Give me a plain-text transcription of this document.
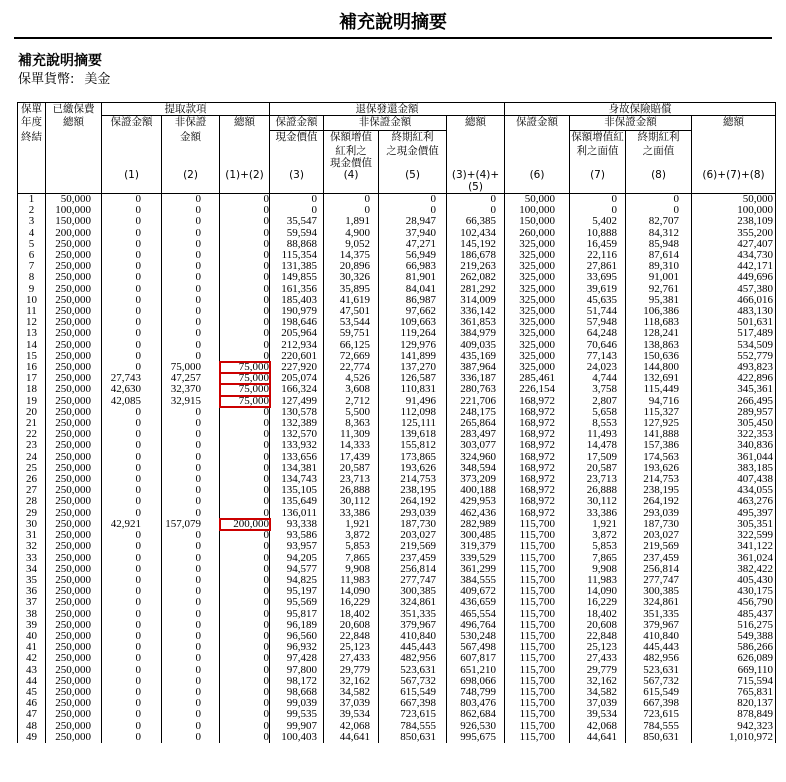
補充說明摘要
補充說明摘要
保單貨幣: 美金
保單	已繳保費	提取款項			退保發還金額				身故保險賠償			
年度	總額	保證金額	非保證	總額	保證金額	非保證金額		總額	保證金額	非保證金額		總額
終結			金額		現金價值	保額增值	終期紅利			保額增值紅	終期紅利	
						紅利之	之現金價值			利之面值	之面值	
						現金價值						
		(1)	(2)	(1)+(2)	(3)	(4)	(5)	(3)+(4)+(5)	(6)	(7)	(8)	(6)+(7)+(8)
1	50,000	0	0	0	0	0	0	0	50,000	0	0	50,000
2	100,000	0	0	0	0	0	0	0	100,000	0	0	100,000
3	150,000	0	0	0	35,547	1,891	28,947	66,385	150,000	5,402	82,707	238,109
4	200,000	0	0	0	59,594	4,900	37,940	102,434	260,000	10,888	84,312	355,200
5	250,000	0	0	0	88,868	9,052	47,271	145,192	325,000	16,459	85,948	427,407
6	250,000	0	0	0	115,354	14,375	56,949	186,678	325,000	22,116	87,614	434,730
7	250,000	0	0	0	131,385	20,896	66,983	219,263	325,000	27,861	89,310	442,171
8	250,000	0	0	0	149,855	30,326	81,901	262,082	325,000	33,695	91,001	449,696
9	250,000	0	0	0	161,356	35,895	84,041	281,292	325,000	39,619	92,761	457,380
10	250,000	0	0	0	185,403	41,619	86,987	314,009	325,000	45,635	95,381	466,016
11	250,000	0	0	0	190,979	47,501	97,662	336,142	325,000	51,744	106,386	483,130
12	250,000	0	0	0	198,646	53,544	109,663	361,853	325,000	57,948	118,683	501,631
13	250,000	0	0	0	205,964	59,751	119,264	384,979	325,000	64,248	128,241	517,489
14	250,000	0	0	0	212,934	66,125	129,976	409,035	325,000	70,646	138,863	534,509
15	250,000	0	0	0	220,601	72,669	141,899	435,169	325,000	77,143	150,636	552,779
16	250,000	0	75,000	75,000	227,920	22,774	137,270	387,964	325,000	24,023	144,800	493,823
17	250,000	27,743	47,257	75,000	205,074	4,526	126,587	336,187	285,461	4,744	132,691	422,896
18	250,000	42,630	32,370	75,000	166,324	3,608	110,831	280,763	226,154	3,758	115,449	345,361
19	250,000	42,085	32,915	75,000	127,499	2,712	91,496	221,706	168,972	2,807	94,716	266,495
20	250,000	0	0	0	130,578	5,500	112,098	248,175	168,972	5,658	115,327	289,957
21	250,000	0	0	0	132,389	8,363	125,111	265,864	168,972	8,553	127,925	305,450
22	250,000	0	0	0	132,570	11,309	139,618	283,497	168,972	11,493	141,888	322,353
23	250,000	0	0	0	133,932	14,333	155,812	303,077	168,972	14,478	157,386	340,836
24	250,000	0	0	0	133,656	17,439	173,865	324,960	168,972	17,509	174,563	361,044
25	250,000	0	0	0	134,381	20,587	193,626	348,594	168,972	20,587	193,626	383,185
26	250,000	0	0	0	134,743	23,713	214,753	373,209	168,972	23,713	214,753	407,438
27	250,000	0	0	0	135,105	26,888	238,195	400,188	168,972	26,888	238,195	434,055
28	250,000	0	0	0	135,649	30,112	264,192	429,953	168,972	30,112	264,192	463,276
29	250,000	0	0	0	136,011	33,386	293,039	462,436	168,972	33,386	293,039	495,397
30	250,000	42,921	157,079	200,000	93,338	1,921	187,730	282,989	115,700	1,921	187,730	305,351
31	250,000	0	0	0	93,586	3,872	203,027	300,485	115,700	3,872	203,027	322,599
32	250,000	0	0	0	93,957	5,853	219,569	319,379	115,700	5,853	219,569	341,122
33	250,000	0	0	0	94,205	7,865	237,459	339,529	115,700	7,865	237,459	361,024
34	250,000	0	0	0	94,577	9,908	256,814	361,299	115,700	9,908	256,814	382,422
35	250,000	0	0	0	94,825	11,983	277,747	384,555	115,700	11,983	277,747	405,430
36	250,000	0	0	0	95,197	14,090	300,385	409,672	115,700	14,090	300,385	430,175
37	250,000	0	0	0	95,569	16,229	324,861	436,659	115,700	16,229	324,861	456,790
38	250,000	0	0	0	95,817	18,402	351,335	465,554	115,700	18,402	351,335	485,437
39	250,000	0	0	0	96,189	20,608	379,967	496,764	115,700	20,608	379,967	516,275
40	250,000	0	0	0	96,560	22,848	410,840	530,248	115,700	22,848	410,840	549,388
41	250,000	0	0	0	96,932	25,123	445,443	567,498	115,700	25,123	445,443	586,266
42	250,000	0	0	0	97,428	27,433	482,956	607,817	115,700	27,433	482,956	626,089
43	250,000	0	0	0	97,800	29,779	523,631	651,210	115,700	29,779	523,631	669,110
44	250,000	0	0	0	98,172	32,162	567,732	698,066	115,700	32,162	567,732	715,594
45	250,000	0	0	0	98,668	34,582	615,549	748,799	115,700	34,582	615,549	765,831
46	250,000	0	0	0	99,039	37,039	667,398	803,476	115,700	37,039	667,398	820,137
47	250,000	0	0	0	99,535	39,534	723,615	862,684	115,700	39,534	723,615	878,849
48	250,000	0	0	0	99,907	42,068	784,555	926,530	115,700	42,068	784,555	942,323
49	250,000	0	0	0	100,403	44,641	850,631	995,675	115,700	44,641	850,631	1,010,972
